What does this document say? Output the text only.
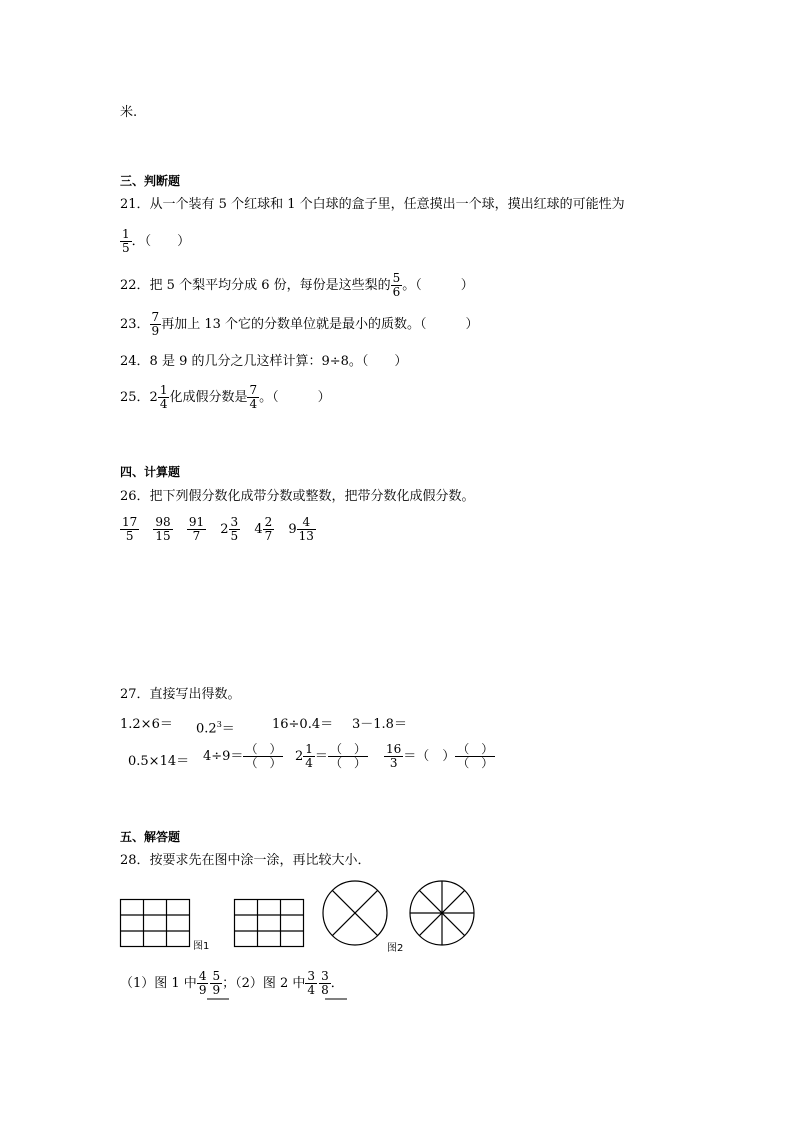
米.
三、判断题
21．从一个装有 5 个红球和 1 个白球的盒子里，任意摸出一个球，摸出红球的可能性为
$\frac{1}{5}$ ．（　　）
22．把 5 个梨平均分成 6 份，每份是这些梨的 $\frac{5}{6}$ 。（　　　）
23． $\frac{7}{9}$ 再加上 13 个它的分数单位就是最小的质数。（　　　）
24．8 是 9 的几分之几这样计算：9÷8。（　　）
25． $2 \frac{1}{4}$ 化成假分数是 $\frac{7}{4}$ 。（　　　）
四、计算题
26．把下列假分数化成带分数或整数，把带分数化成假分数。
$\frac{17}{5}$
$\frac{98}{15}$
$\frac{91}{7}$
$2 \frac{3}{5}$
$4 \frac{2}{7}$
$9 \frac{4}{13}$
27．直接写出得数。
$1.2\times 6= 0.2^3=$	16÷0.4＝ 3－1.8＝
$0.5\times 14= 4\div 9= \frac{( )}{( )} 2 \frac{1}{4} = \frac{( )}{( )} \frac{16}{3}$ ＝（　） $\frac{( )}{( )}$
五、解答题
28．按要求先在图中涂一涂，再比较大小．
图1	图2
（1）图 1 中 $\frac{4}{9} \frac{5}{9}$ ；（2）图 2 中 $\frac{3}{4} \frac{3}{8}$ ．
